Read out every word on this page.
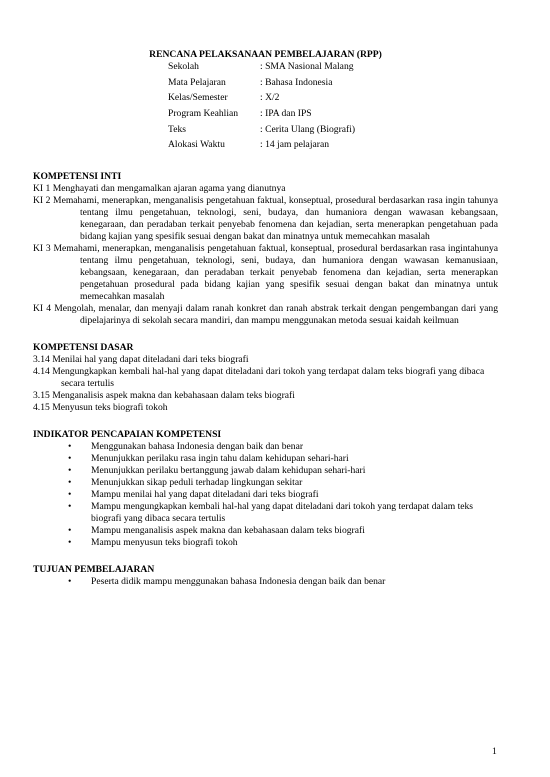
RENCANA PELAKSANAAN PEMBELAJARAN (RPP)

Sekolah	: SMA Nasional Malang
Mata Pelajaran	: Bahasa Indonesia
Kelas/Semester	: X/2
Program Keahlian	: IPA dan IPS
Teks	: Cerita Ulang (Biografi)
Alokasi Waktu	: 14 jam pelajaran

KOMPETENSI INTI

KI 1 Menghayati dan mengamalkan ajaran agama yang dianutnya

KI 2 Memahami, menerapkan, menganalisis pengetahuan faktual, konseptual, prosedural berdasarkan rasa ingin tahunya tentang ilmu pengetahuan, teknologi, seni, budaya, dan humaniora dengan wawasan kebangsaan, kenegaraan, dan peradaban terkait penyebab fenomena dan kejadian, serta menerapkan pengetahuan pada bidang kajian yang spesifik sesuai dengan bakat dan minatnya untuk memecahkan masalah

KI 3 Memahami, menerapkan, menganalisis pengetahuan faktual, konseptual, prosedural berdasarkan rasa ingintahunya tentang ilmu pengetahuan, teknologi, seni, budaya, dan humaniora dengan wawasan kemanusiaan, kebangsaan, kenegaraan, dan peradaban terkait penyebab fenomena dan kejadian, serta menerapkan pengetahuan prosedural pada bidang kajian yang spesifik sesuai dengan bakat dan minatnya untuk memecahkan masalah

KI 4 Mengolah, menalar, dan menyaji dalam ranah konkret dan ranah abstrak terkait dengan pengembangan dari yang dipelajarinya di sekolah secara mandiri, dan mampu menggunakan metoda sesuai kaidah keilmuan

KOMPETENSI DASAR

3.14 Menilai hal yang dapat diteladani dari teks biografi

4.14 Mengungkapkan kembali hal-hal yang dapat diteladani dari tokoh yang terdapat dalam teks biografi yang dibaca secara tertulis

3.15 Menganalisis aspek makna dan kebahasaan dalam teks biografi

4.15 Menyusun teks biografi tokoh

INDIKATOR PENCAPAIAN KOMPETENSI

• Menggunakan bahasa Indonesia dengan baik dan benar
• Menunjukkan perilaku rasa ingin tahu dalam kehidupan sehari-hari
• Menunjukkan perilaku bertanggung jawab dalam kehidupan sehari-hari
• Menunjukkan sikap peduli terhadap lingkungan sekitar
• Mampu menilai hal yang dapat diteladani dari teks biografi
• Mampu mengungkapkan kembali hal-hal yang dapat diteladani dari tokoh yang terdapat dalam teks biografi yang dibaca secara tertulis
• Mampu menganalisis aspek makna dan kebahasaan dalam teks biografi
• Mampu menyusun teks biografi tokoh

TUJUAN PEMBELAJARAN

• Peserta didik mampu menggunakan bahasa Indonesia dengan baik dan benar
1
